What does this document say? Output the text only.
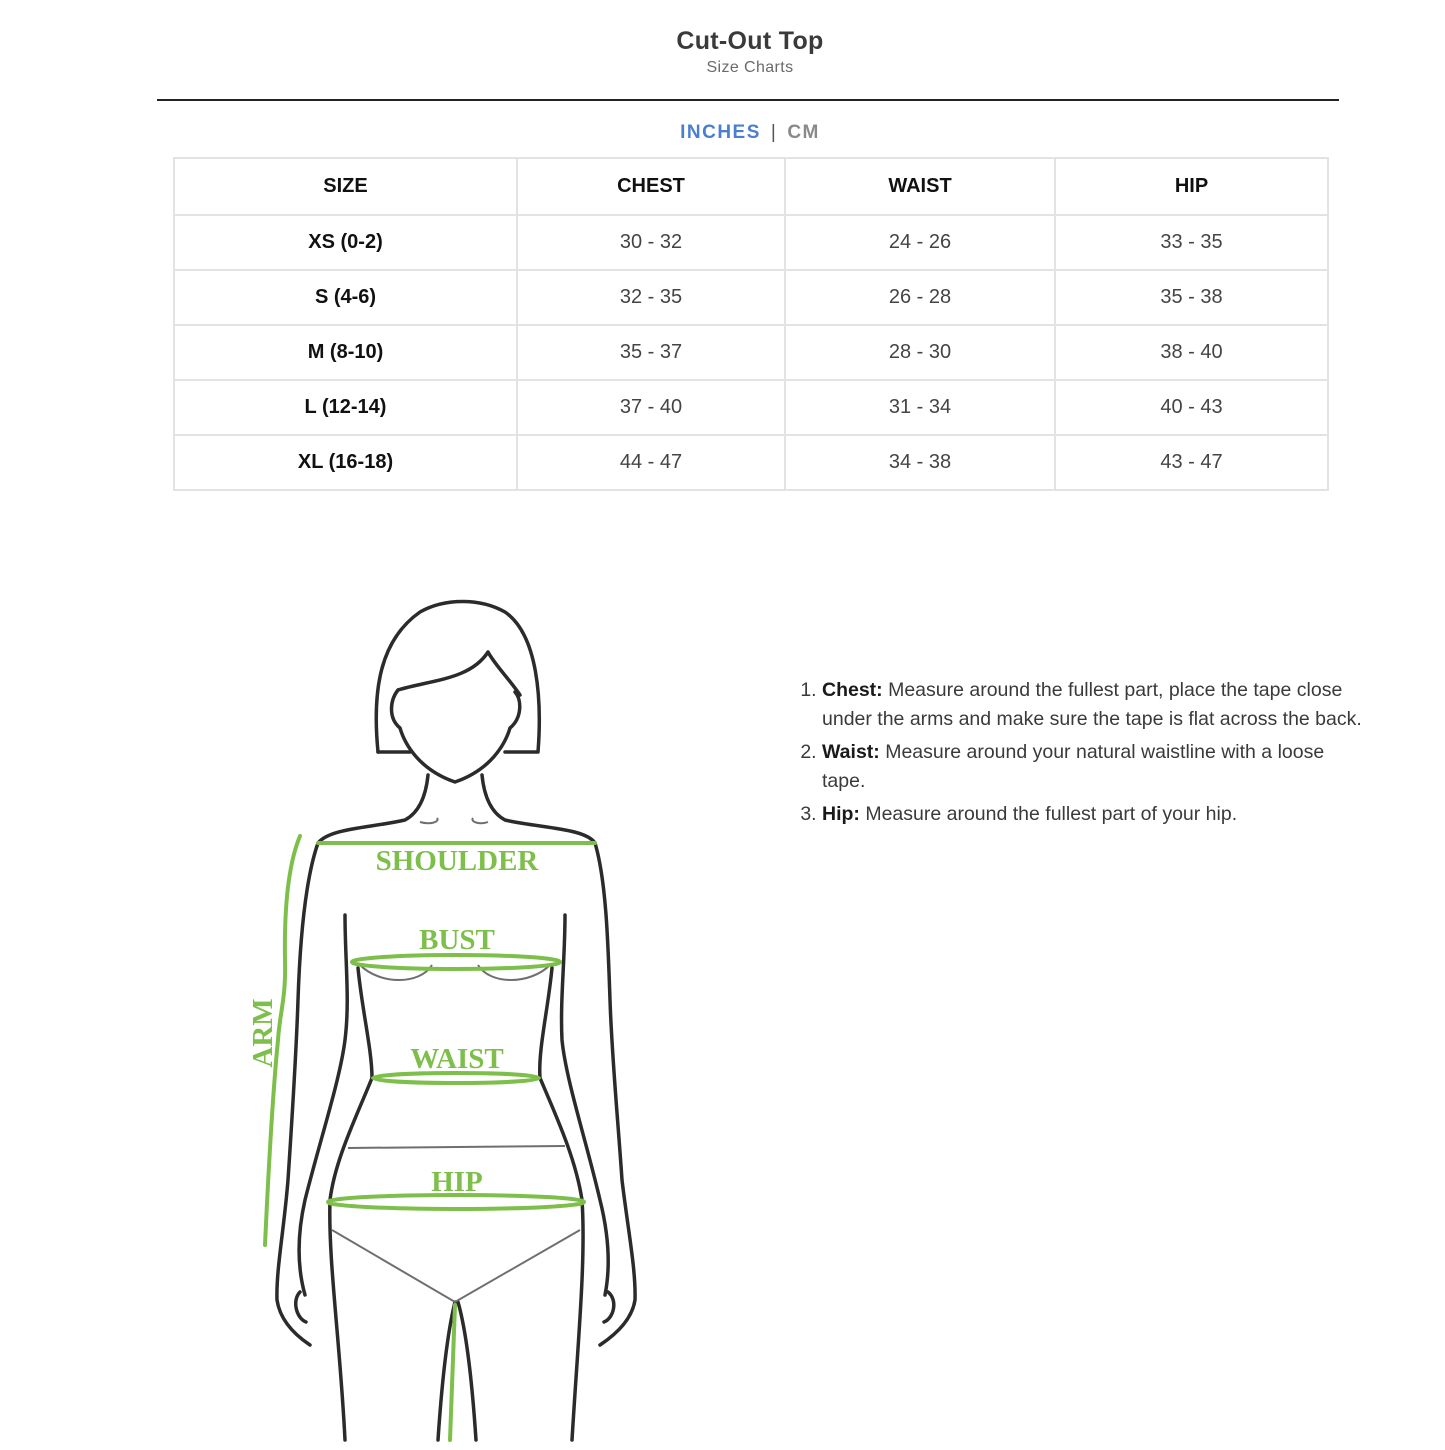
Cut-Out Top
Size Charts
INCHES | CM
SIZE	CHEST	WAIST	HIP
XS (0-2)	30 - 32	24 - 26	33 - 35
S (4-6)	32 - 35	26 - 28	35 - 38
M (8-10)	35 - 37	28 - 30	38 - 40
L (12-14)	37 - 40	31 - 34	40 - 43
XL (16-18)	44 - 47	34 - 38	43 - 47
SHOULDER
BUST
WAIST
HIP
ARM
1. Chest: Measure around the fullest part, place the tape close under the arms and make sure the tape is flat across the back.
2. Waist: Measure around your natural waistline with a loose tape.
3. Hip: Measure around the fullest part of your hip.
